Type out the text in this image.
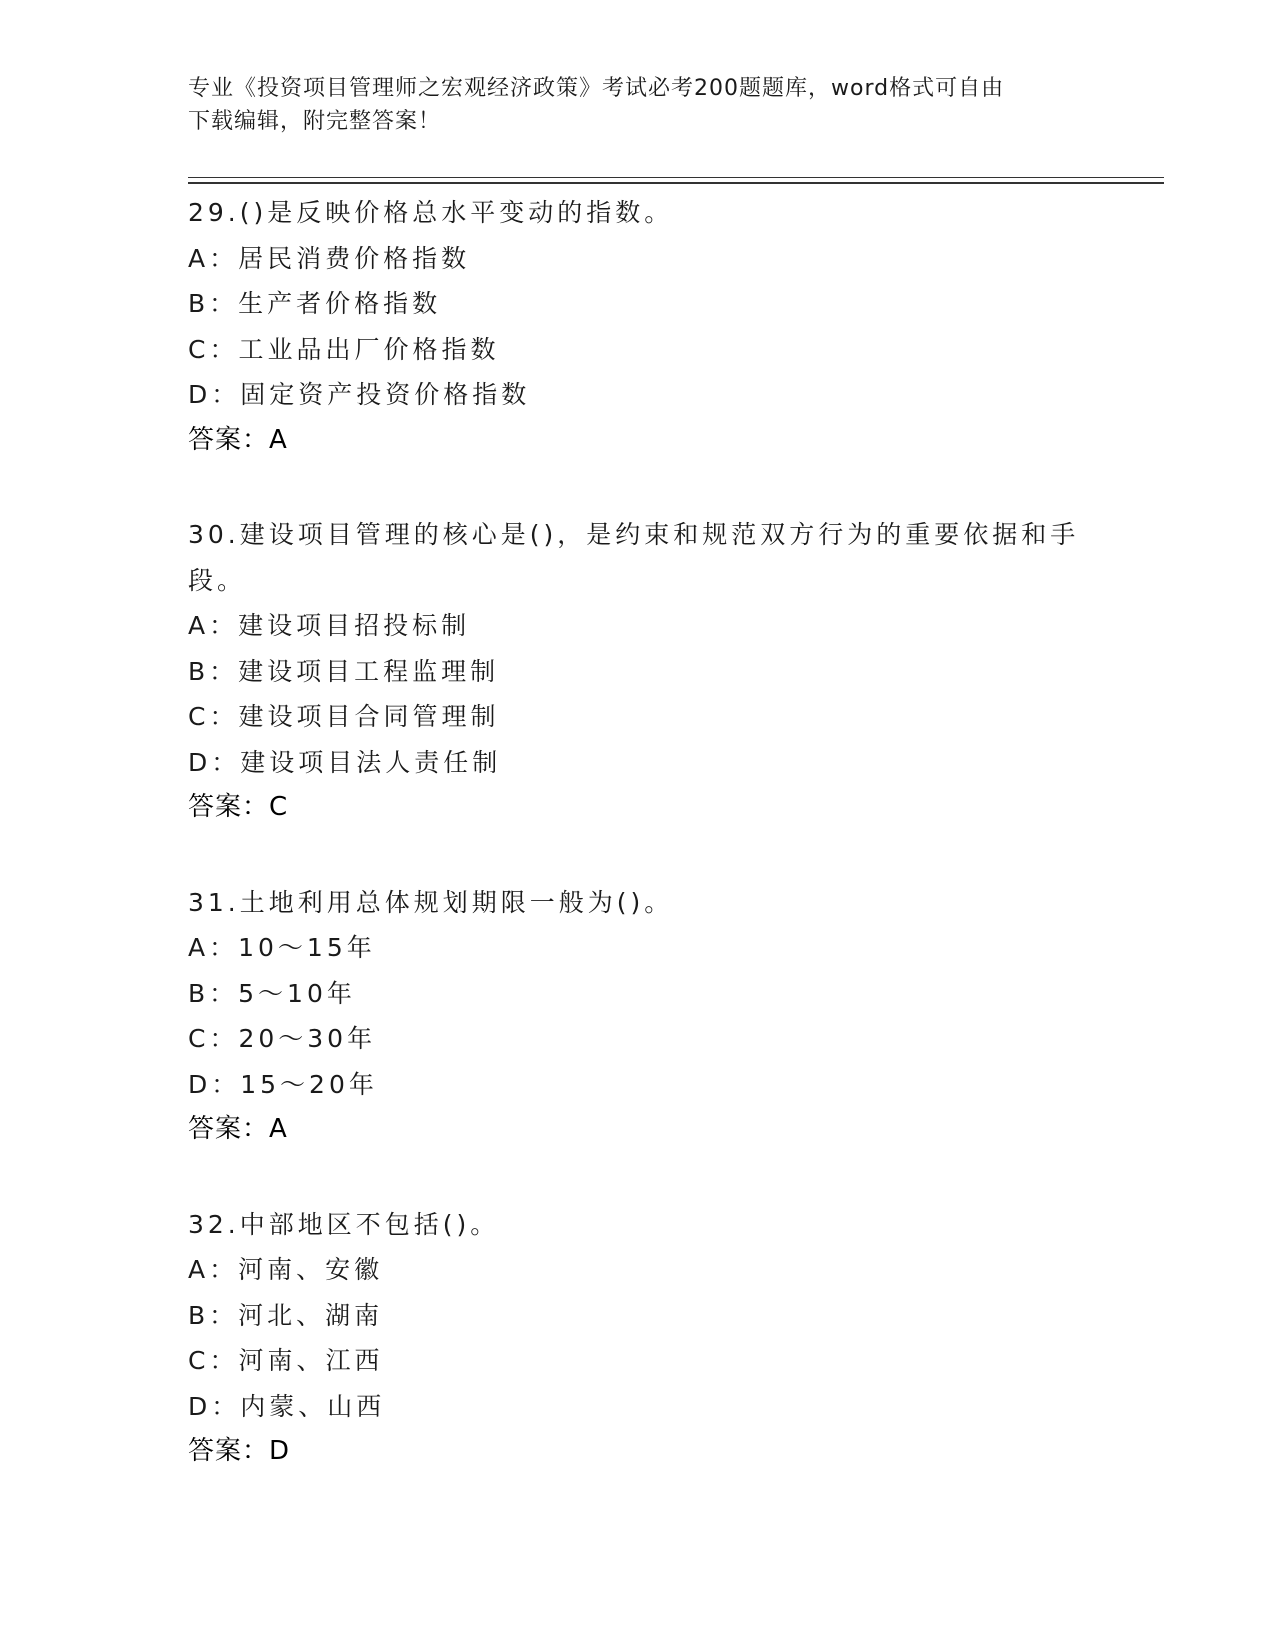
专业《投资项目管理师之宏观经济政策》考试必考200题题库，word格式可自由
下载编辑，附完整答案！
29.()是反映价格总水平变动的指数。
A：居民消费价格指数
B：生产者价格指数
C：工业品出厂价格指数
D：固定资产投资价格指数
答案：A
30.建设项目管理的核心是()，是约束和规范双方行为的重要依据和手
段。
A：建设项目招投标制
B：建设项目工程监理制
C：建设项目合同管理制
D：建设项目法人责任制
答案：C
31.土地利用总体规划期限一般为()。
A：10～15年
B：5～10年
C：20～30年
D：15～20年
答案：A
32.中部地区不包括()。
A：河南、安徽
B：河北、湖南
C：河南、江西
D：内蒙、山西
答案：D
